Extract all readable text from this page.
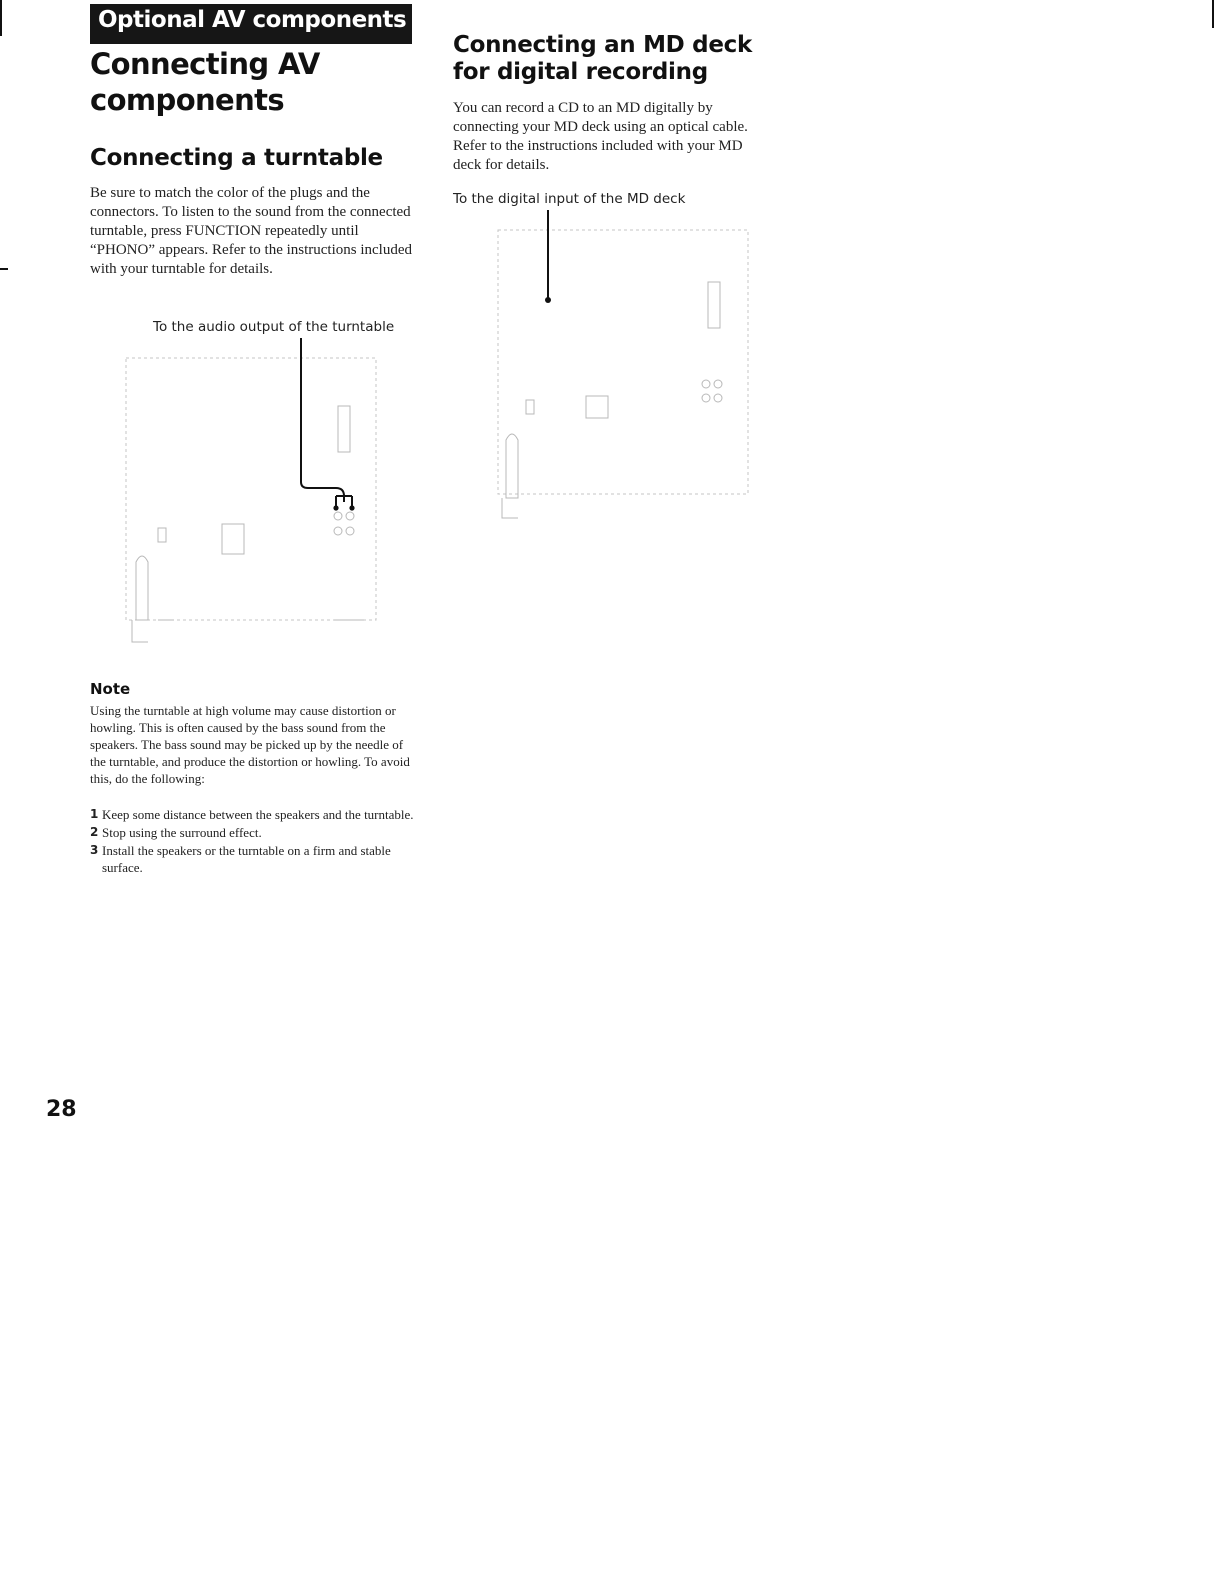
Optional AV components
Connecting AV components
Connecting a turntable

Be sure to match the color of the plugs and the connectors. To listen to the sound from the connected turntable, press FUNCTION repeatedly until “PHONO” appears. Refer to the instructions included with your turntable for details.

To the audio output of the turntable
Note

Using the turntable at high volume may cause distortion or howling. This is often caused by the bass sound from the speakers. The bass sound may be picked up by the needle of the turntable, and produce the distortion or howling. To avoid this, do the following:

1 Keep some distance between the speakers and the turntable.
2 Stop using the surround effect.
3 Install the speakers or the turntable on a firm and stable surface.
Connecting an MD deck for digital recording

You can record a CD to an MD digitally by connecting your MD deck using an optical cable. Refer to the instructions included with your MD deck for details.

To the digital input of the MD deck
28
